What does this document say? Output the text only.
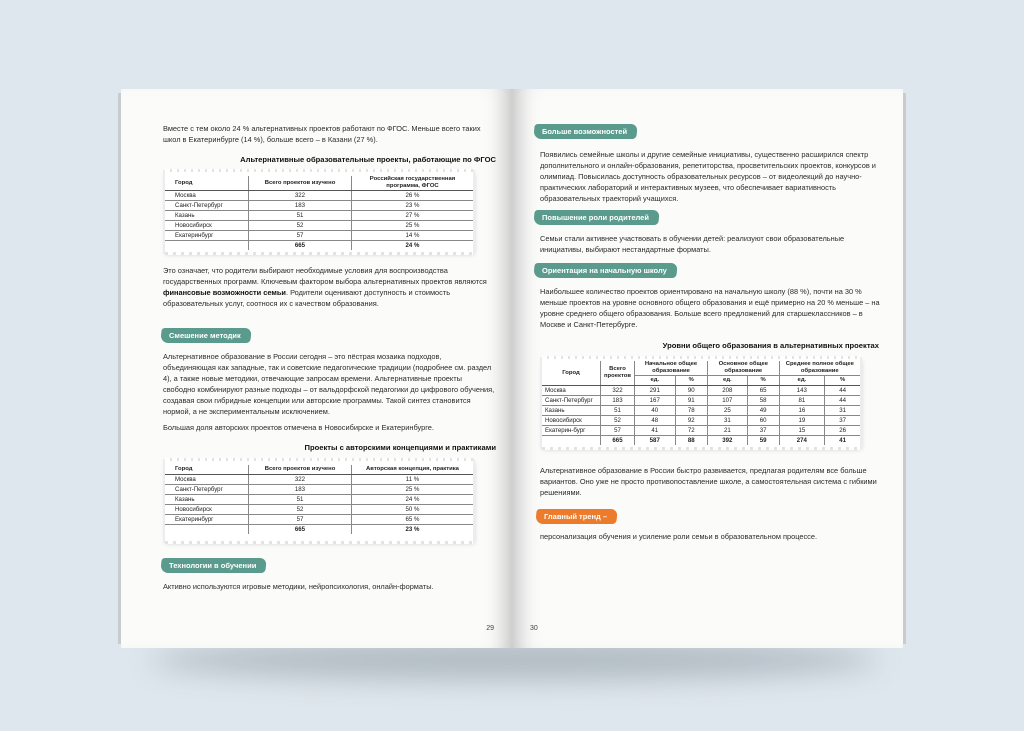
Вместе с тем около 24 % альтернативных проектов работают по ФГОС. Меньше всего таких школ в Екатеринбурге (14 %), больше всего – в Казани (27 %).

Альтернативные образовательные проекты, работающие по ФГОС
Город	Всего проектов изучено	Российская государственная программа, ФГОС
Москва	322	26 %
Санкт-Петербург	183	23 %
Казань	51	27 %
Новосибирск	52	25 %
Екатеринбург	57	14 %
	665	24 %

Это означает, что родители выбирают необходимые условия для воспроизводства государственных программ. Ключевым фактором выбора альтернативных проектов являются финансовые возможности семьи. Родители оценивают доступность и стоимость образовательных услуг, соотнося их с качеством образования.

Смешение методик

Альтернативное образование в России сегодня – это пёстрая мозаика подходов, объединяющая как западные, так и советские педагогические традиции (подробнее см. раздел 4), а также новые методики, отвечающие запросам времени. Альтернативные проекты свободно комбинируют разные подходы – от вальдорфской педагогики до цифрового обучения, создавая свои гибридные концепции или авторские программы. Такой синтез становится нормой, а не экспериментальным исключением.

Большая доля авторских проектов отмечена в Новосибирске и Екатеринбурге.

Проекты с авторскими концепциями и практиками
Город	Всего проектов изучено	Авторская концепция, практика
Москва	322	11 %
Санкт-Петербург	183	25 %
Казань	51	24 %
Новосибирск	52	50 %
Екатеринбург	57	65 %
	665	23 %
Технологии в обучении

Активно используются игровые методики, нейропсихология, онлайн-форматы.

29
Больше возможностей

Появились семейные школы и другие семейные инициативы, существенно расширился спектр дополнительного и онлайн-образования, репетиторства, просветительских проектов, конкурсов и олимпиад. Повысилась доступность образовательных ресурсов – от видеолекций до научно-практических лабораторий и интерактивных музеев, что обеспечивает вариативность образовательных траекторий учащихся.

Повышение роли родителей

Семьи стали активнее участвовать в обучении детей: реализуют свои образовательные инициативы, выбирают нестандартные форматы.

Ориентация на начальную школу

Наибольшее количество проектов ориентировано на начальную школу (88 %), почти на 30 % меньше проектов на уровне основного общего образования и ещё примерно на 20 % меньше – на уровне среднего общего образования. Больше всего предложений для старшеклассников – в Москве и Санкт-Петербурге.

Уровни общего образования в альтернативных проектах
Город	Всего проектов	Начальное общее образование		Основное общее образование		Среднее полное общее образование	
		ед.	%	ед.	%	ед.	%
Москва	322	291	90	208	65	143	44
Санкт-Петербург	183	167	91	107	58	81	44
Казань	51	40	78	25	49	16	31
Новосибирск	52	48	92	31	60	19	37
Екатерин-бург	57	41	72	21	37	15	26
	665	587	88	392	59	274	41

Альтернативное образование в России быстро развивается, предлагая родителям все больше вариантов. Оно уже не просто противопоставление школе, а самостоятельная система с гибкими решениями.

Главный тренд –

персонализация обучения и усиление роли семьи в образовательном процессе.

30
